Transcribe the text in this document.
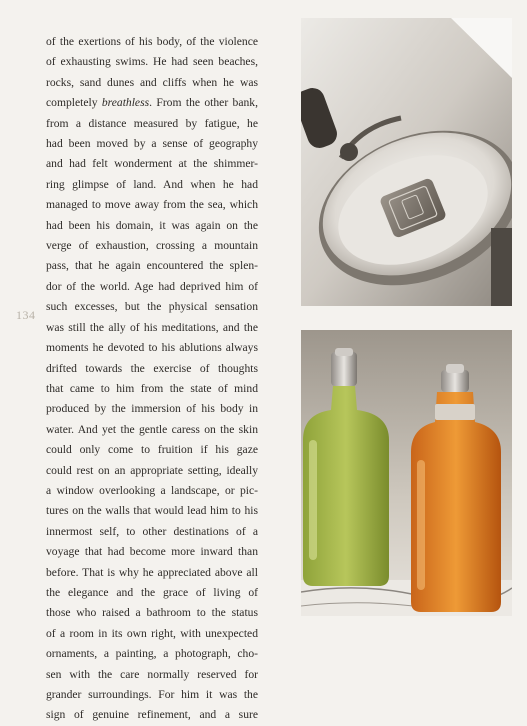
of the exertions of his body, of the violence
of exhausting swims. He had seen beaches,
rocks, sand dunes and cliffs when he was
completely breathless. From the other bank,
from a distance measured by fatigue, he
had been moved by a sense of geography
and had felt wonderment at the shimmer-
ring glimpse of land. And when he had
managed to move away from the sea, which
had been his domain, it was again on the
verge of exhaustion, crossing a mountain
pass, that he again encountered the splen-
dor of the world. Age had deprived him of
such excesses, but the physical sensation
was still the ally of his meditations, and the
moments he devoted to his ablutions always
drifted towards the exercise of thoughts
that came to him from the state of mind
produced by the immersion of his body in
water. And yet the gentle caress on the skin
could only come to fruition if his gaze
could rest on an appropriate setting, ideally
a window overlooking a landscape, or pic-
tures on the walls that would lead him to his
innermost self, to other destinations of a
voyage that had become more inward than
before. That is why he appreciated above all
the elegance and the grace of living of
those who raised a bathroom to the status
of a room in its own right, with unexpected
ornaments, a painting, a photograph, cho-
sen with the care normally reserved for
grander surroundings. For him it was the
sign of genuine refinement, and a sure
134
